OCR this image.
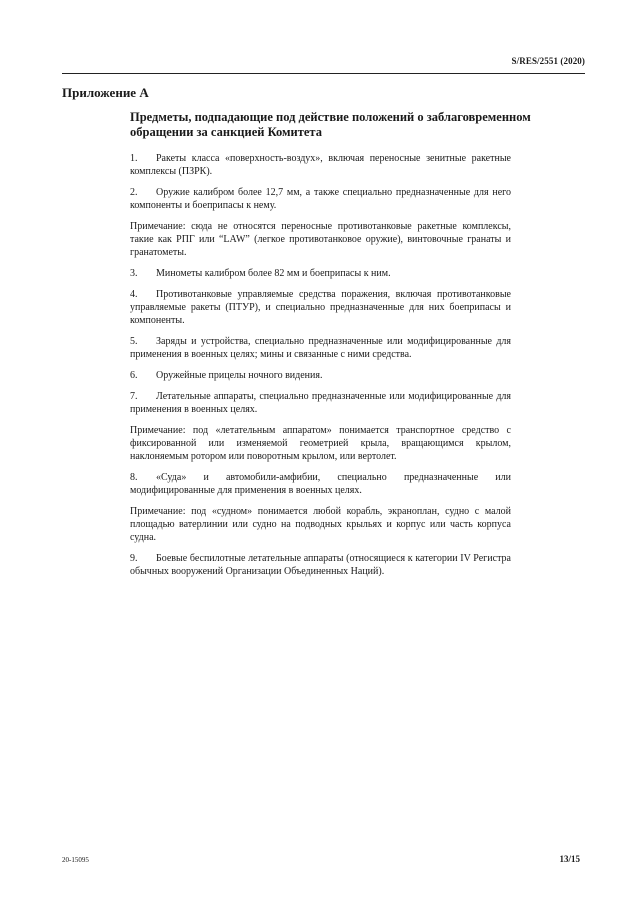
S/RES/2551 (2020)
Приложение А
Предметы, подпадающие под действие положений о заблаговременном обращении за санкцией Комитета

1. Ракеты класса «поверхность-воздух», включая переносные зенитные ракетные комплексы (ПЗРК).

2. Оружие калибром более 12,7 мм, а также специально предназначенные для него компоненты и боеприпасы к нему.

Примечание: сюда не относятся переносные противотанковые ракетные комплексы, такие как РПГ или “LAW” (легкое противотанковое оружие), винтовочные гранаты и гранатометы.

3. Минометы калибром более 82 мм и боеприпасы к ним.

4. Противотанковые управляемые средства поражения, включая противотанковые управляемые ракеты (ПТУР), и специально предназначенные для них боеприпасы и компоненты.

5. Заряды и устройства, специально предназначенные или модифицированные для применения в военных целях; мины и связанные с ними средства.

6. Оружейные прицелы ночного видения.

7. Летательные аппараты, специально предназначенные или модифицированные для применения в военных целях.

Примечание: под «летательным аппаратом» понимается транспортное средство с фиксированной или изменяемой геометрией крыла, вращающимся крылом, наклоняемым ротором или поворотным крылом, или вертолет.

8. «Суда» и автомобили-амфибии, специально предназначенные или модифицированные для применения в военных целях.

Примечание: под «судном» понимается любой корабль, экраноплан, судно с малой площадью ватерлинии или судно на подводных крыльях и корпус или часть корпуса судна.

9. Боевые беспилотные летательные аппараты (относящиеся к категории IV Регистра обычных вооружений Организации Объединенных Наций).

20-15095	13/15
